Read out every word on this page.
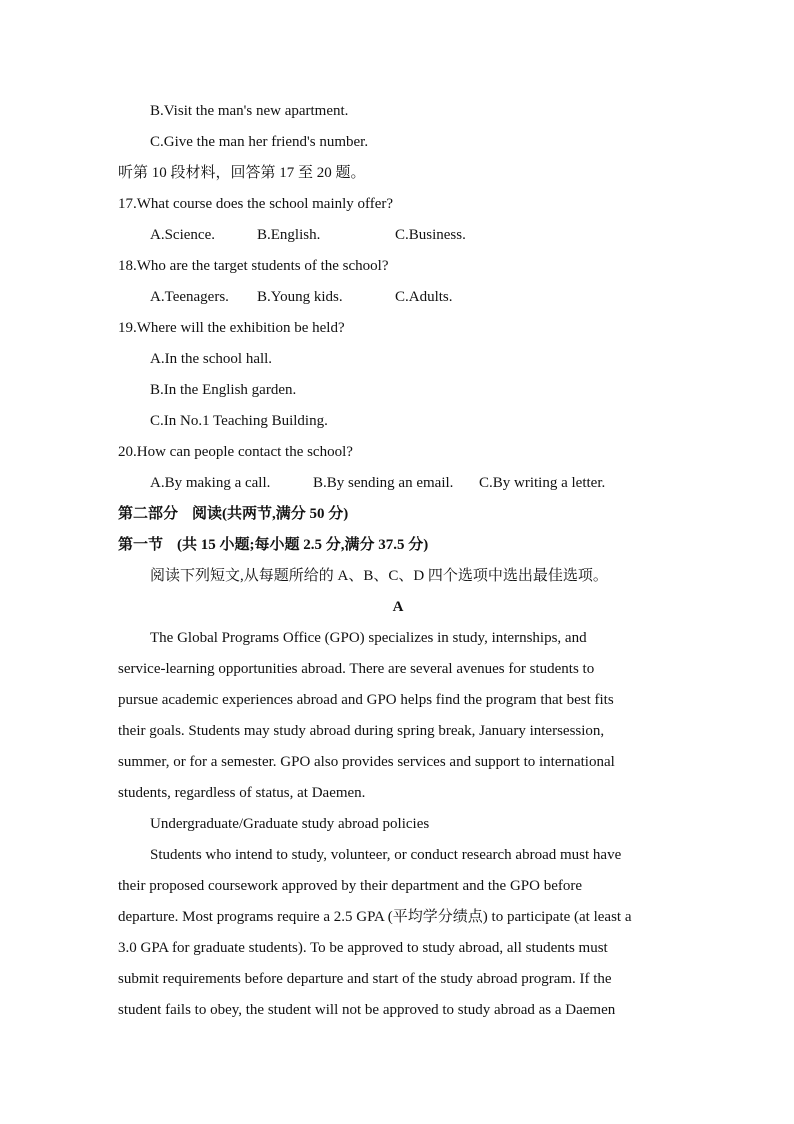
B.Visit the man's new apartment.
C.Give the man her friend's number.
听第 10 段材料，回答第 17 至 20 题。
17.What course does the school mainly offer?
A.Science.	B.English.	C.Business.
18.Who are the target students of the school?
A.Teenagers. B.Young kids.	C.Adults.
19.Where will the exhibition be held?
A.In the school hall.
B.In the English garden.
C.In No.1 Teaching Building.
20.How can people contact the school?
A.By making a call.	B.By sending an email. C.By writing a letter.
第二部分 阅读(共两节,满分 50 分)
第一节 (共 15 小题;每小题 2.5 分,满分 37.5 分)
阅读下列短文,从每题所给的 A、B、C、D 四个选项中选出最佳选项。
A
The Global Programs Office (GPO) specializes in study, internships, and
service-learning opportunities abroad. There are several avenues for students to
pursue academic experiences abroad and GPO helps find the program that best fits
their goals. Students may study abroad during spring break, January intersession,
summer, or for a semester. GPO also provides services and support to international
students, regardless of status, at Daemen.
Undergraduate/Graduate study abroad policies
Students who intend to study, volunteer, or conduct research abroad must have
their proposed coursework approved by their department and the GPO before
departure. Most programs require a 2.5 GPA (平均学分绩点) to participate (at least a
3.0 GPA for graduate students). To be approved to study abroad, all students must
submit requirements before departure and start of the study abroad program. If the
student fails to obey, the student will not be approved to study abroad as a Daemen
